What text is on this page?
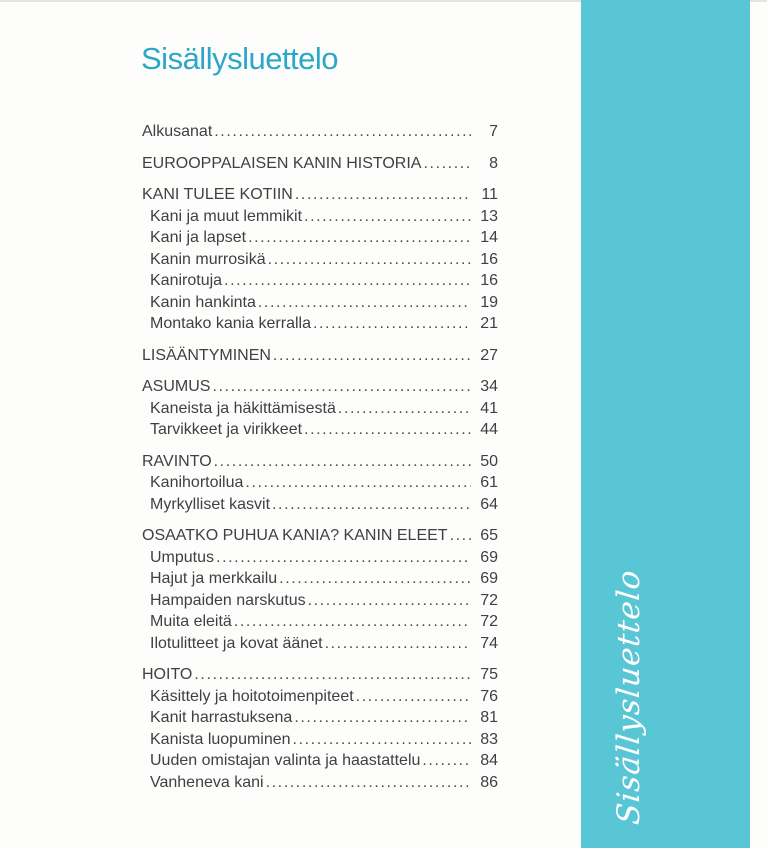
Sisällysluettelo
Alkusanat .....	7
EUROOPPALAISEN KANIN HISTORIA .....	8
KANI TULEE KOTIIN .....	11
Kani ja muut lemmikit .....	13
Kani ja lapset .....	14
Kanin murrosikä .....	16
Kanirotuja .....	16
Kanin hankinta .....	19
Montako kania kerralla .....	21
LISÄÄNTYMINEN .....	27
ASUMUS .....	34
Kaneista ja häkittämisestä .....	41
Tarvikkeet ja virikkeet .....	44
RAVINTO .....	50
Kanihortoilua .....	61
Myrkylliset kasvit .....	64
OSAATKO PUHUA KANIA? KANIN ELEET .....	65
Umputus .....	69
Hajut ja merkkailu .....	69
Hampaiden narskutus .....	72
Muita eleitä .....	72
Ilotulitteet ja kovat äänet .....	74
HOITO .....	75
Käsittely ja hoitotoimenpiteet .....	76
Kanit harrastuksena .....	81
Kanista luopuminen .....	83
Uuden omistajan valinta ja haastattelu .....	84
Vanheneva kani .....	86	Sisällysluettelo
